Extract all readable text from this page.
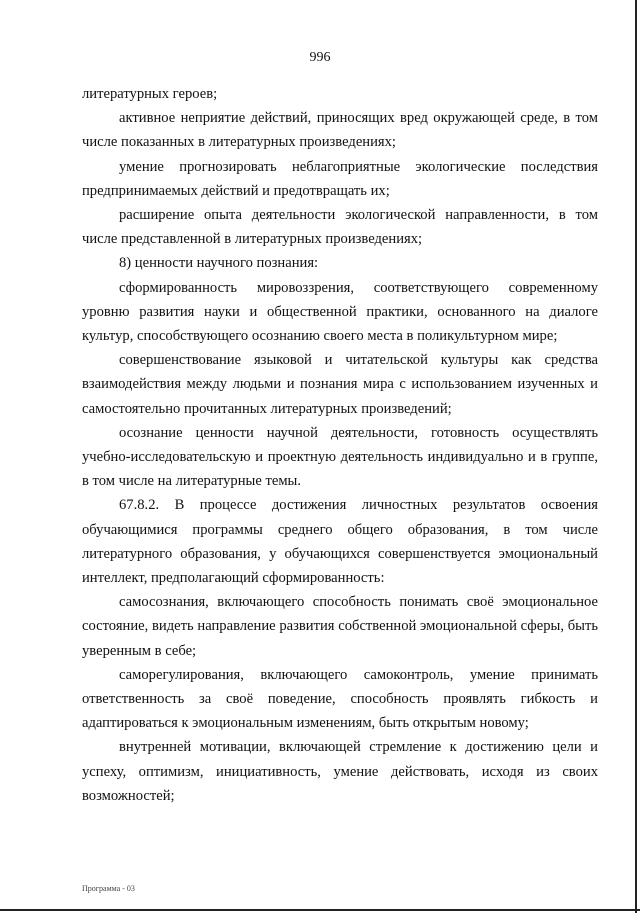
996

литературных героев;

активное неприятие действий, приносящих вред окружающей среде, в том числе показанных в литературных произведениях;

умение прогнозировать неблагоприятные экологические последствия предпринимаемых действий и предотвращать их;

расширение опыта деятельности экологической направленности, в том числе представленной в литературных произведениях;

8) ценности научного познания:

сформированность мировоззрения, соответствующего современному уровню развития науки и общественной практики, основанного на диалоге культур, способствующего осознанию своего места в поликультурном мире;

совершенствование языковой и читательской культуры как средства взаимодействия между людьми и познания мира с использованием изученных и самостоятельно прочитанных литературных произведений;

осознание ценности научной деятельности, готовность осуществлять учебно-исследовательскую и проектную деятельность индивидуально и в группе, в том числе на литературные темы.

67.8.2. В процессе достижения личностных результатов освоения обучающимися программы среднего общего образования, в том числе литературного образования, у обучающихся совершенствуется эмоциональный интеллект, предполагающий сформированность:

самосознания, включающего способность понимать своё эмоциональное состояние, видеть направление развития собственной эмоциональной сферы, быть уверенным в себе;

саморегулирования, включающего самоконтроль, умение принимать ответственность за своё поведение, способность проявлять гибкость и адаптироваться к эмоциональным изменениям, быть открытым новому;

внутренней мотивации, включающей стремление к достижению цели и успеху, оптимизм, инициативность, умение действовать, исходя из своих возможностей;

Программа - 03
